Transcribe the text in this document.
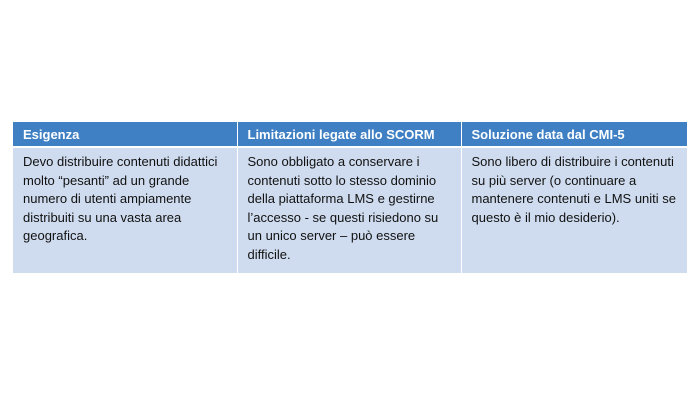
Esigenza	Limitazioni legate allo SCORM	Soluzione data dal CMI-5
Devo distribuire contenuti didattici molto “pesanti” ad un grande numero di utenti ampiamente distribuiti su una vasta area geografica.	Sono obbligato a conservare i contenuti sotto lo stesso dominio della piattaforma LMS e gestirne l’accesso - se questi risiedono su un unico server – può essere difficile.	Sono libero di distribuire i contenuti su più server (o continuare a mantenere contenuti e LMS uniti se questo è il mio desiderio).
